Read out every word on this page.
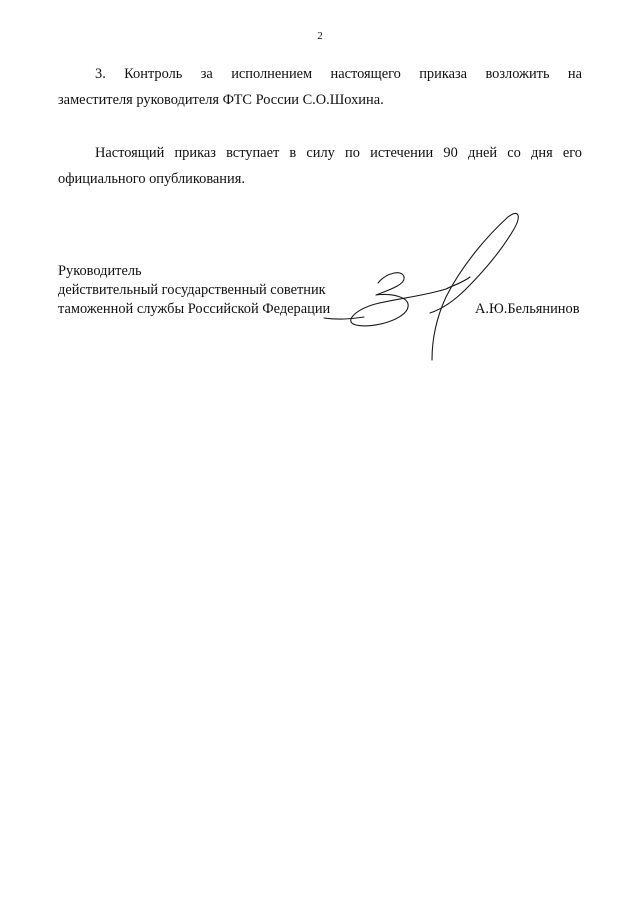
2
3. Контроль за исполнением настоящего приказа возложить на
заместителя руководителя ФТС России С.О.Шохина.
Настоящий приказ вступает в силу по истечении 90 дней со дня его
официального опубликования.
Руководитель
действительный государственный советник
таможенной службы Российской Федерации	А.Ю.Бельянинов
